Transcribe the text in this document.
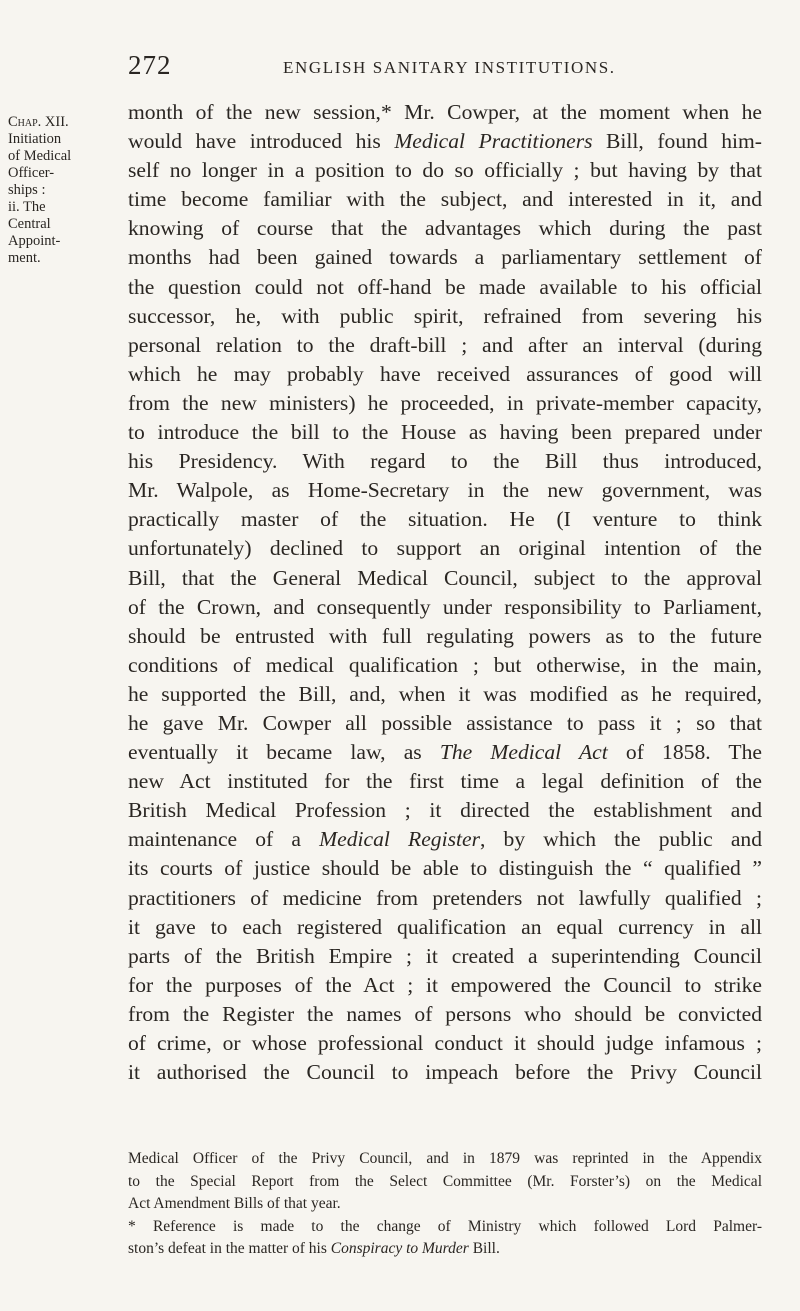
272	ENGLISH SANITARY INSTITUTIONS.
Chap. XII.
Initiation
of Medical
Officer-
ships :
ii. The
Central
Appoint-
ment.
month of the new session,* Mr. Cowper, at the moment when he
would have introduced his Medical Practitioners Bill, found him-
self no longer in a position to do so officially ; but having by that
time become familiar with the subject, and interested in it, and
knowing of course that the advantages which during the past
months had been gained towards a parliamentary settlement of
the question could not off-hand be made available to his official
successor, he, with public spirit, refrained from severing his
personal relation to the draft-bill ; and after an interval (during
which he may probably have received assurances of good will
from the new ministers) he proceeded, in private-member capacity,
to introduce the bill to the House as having been prepared under
his Presidency. With regard to the Bill thus introduced,
Mr. Walpole, as Home-Secretary in the new government, was
practically master of the situation. He (I venture to think
unfortunately) declined to support an original intention of the
Bill, that the General Medical Council, subject to the approval
of the Crown, and consequently under responsibility to Parliament,
should be entrusted with full regulating powers as to the future
conditions of medical qualification ; but otherwise, in the main,
he supported the Bill, and, when it was modified as he required,
he gave Mr. Cowper all possible assistance to pass it ; so that
eventually it became law, as The Medical Act of 1858. The
new Act instituted for the first time a legal definition of the
British Medical Profession ; it directed the establishment and
maintenance of a Medical Register, by which the public and
its courts of justice should be able to distinguish the “ qualified ”
practitioners of medicine from pretenders not lawfully qualified ;
it gave to each registered qualification an equal currency in all
parts of the British Empire ; it created a superintending Council
for the purposes of the Act ; it empowered the Council to strike
from the Register the names of persons who should be convicted
of crime, or whose professional conduct it should judge infamous ;
it authorised the Council to impeach before the Privy Council
Medical Officer of the Privy Council, and in 1879 was reprinted in the Appendix
to the Special Report from the Select Committee (Mr. Forster’s) on the Medical
Act Amendment Bills of that year.
* Reference is made to the change of Ministry which followed Lord Palmer-
ston’s defeat in the matter of his Conspiracy to Murder Bill.
